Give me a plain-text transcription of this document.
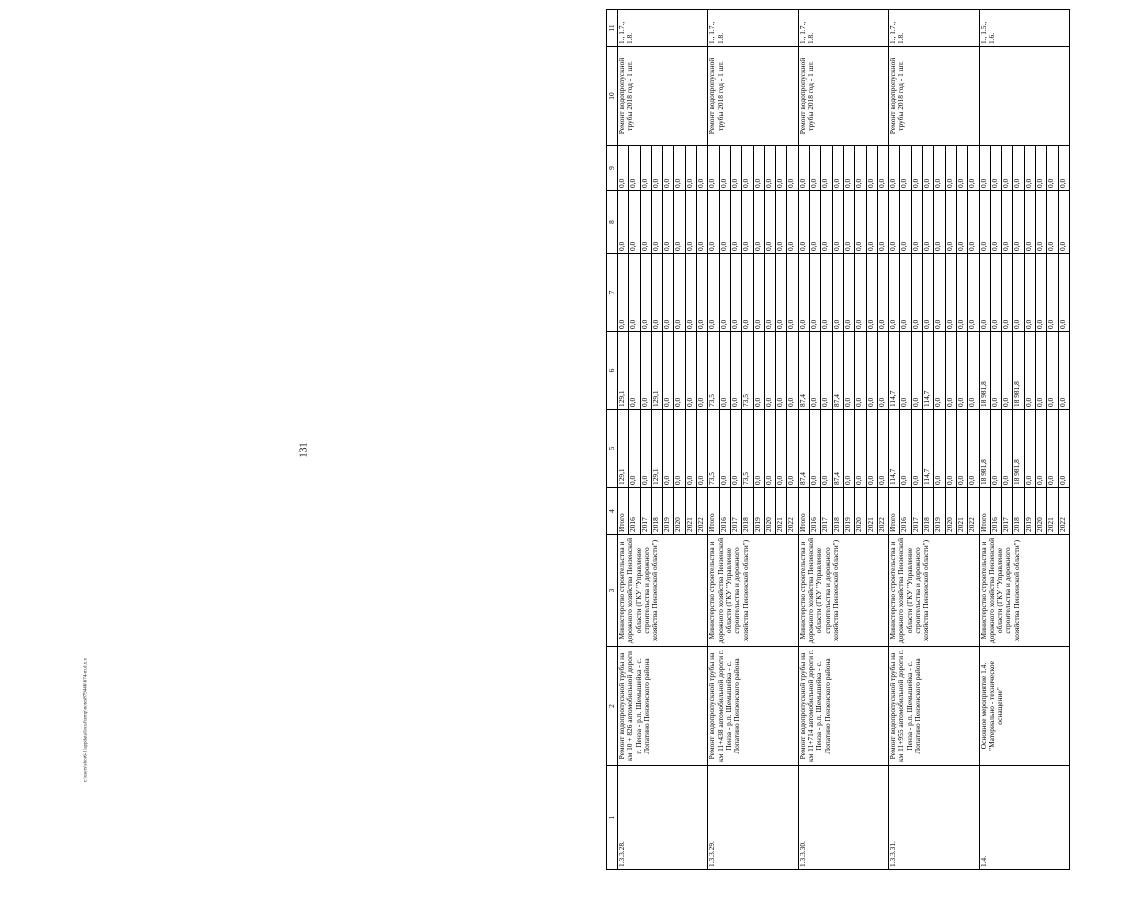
131
1	2	3	4	5	6	7	8	9	10	11
1.3.3.28.	Ремонт водопропускной трубы на км 10 + 826 автомобильной дороги г. Пенза - р.п. Шемышейка - с. Лопатино Пензенского района	Министерство строительства и дорожного хозяйства Пензенской области (ГКУ "Управление строительства и дорожного хозяйства Пензенской области")	Итого	129,1	129,1	0,0	0,0	0,0	Ремонт водопропускной трубы 2018 год - 1 шт.	1., 1.7., 1.8.
			2016	0,0	0,0	0,0	0,0	0,0		
			2017	0,0	0,0	0,0	0,0	0,0		
			2018	129,1	129,1	0,0	0,0	0,0		
			2019	0,0	0,0	0,0	0,0	0,0		
			2020	0,0	0,0	0,0	0,0	0,0		
			2021	0,0	0,0	0,0	0,0	0,0		
			2022	0,0	0,0	0,0	0,0	0,0		
1.3.3.29.	Ремонт водопропускной трубы на км 11+438 автомобильной дороги г. Пенза - р.п. Шемышейка - с. Лопатино Пензенского района	Министерство строительства и дорожного хозяйства Пензенской области (ГКУ "Управление строительства и дорожного хозяйства Пензенской области")	Итого	73,5	73,5	0,0	0,0	0,0	Ремонт водопропускной трубы 2018 год - 1 шт.	1., 1.7., 1.8.
			2016	0,0	0,0	0,0	0,0	0,0		
			2017	0,0	0,0	0,0	0,0	0,0		
			2018	73,5	73,5	0,0	0,0	0,0		
			2019	0,0	0,0	0,0	0,0	0,0		
			2020	0,0	0,0	0,0	0,0	0,0		
			2021	0,0	0,0	0,0	0,0	0,0		
			2022	0,0	0,0	0,0	0,0	0,0		
1.3.3.30.	Ремонт водопропускной трубы на км 11+714 автомобильной дороги г. Пенза - р.п. Шемышейка - с. Лопатино Пензенского района	Министерство строительства и дорожного хозяйства Пензенской области (ГКУ "Управление строительства и дорожного хозяйства Пензенской области")	Итого	87,4	87,4	0,0	0,0	0,0	Ремонт водопропускной трубы 2018 год - 1 шт.	1., 1.7., 1.8.
			2016	0,0	0,0	0,0	0,0	0,0		
			2017	0,0	0,0	0,0	0,0	0,0		
			2018	87,4	87,4	0,0	0,0	0,0		
			2019	0,0	0,0	0,0	0,0	0,0		
			2020	0,0	0,0	0,0	0,0	0,0		
			2021	0,0	0,0	0,0	0,0	0,0		
			2022	0,0	0,0	0,0	0,0	0,0		
1.3.3.31.	Ремонт водопропускной трубы на км 11+955 автомобильной дороги г. Пенза - р.п. Шемышейка - с. Лопатино Пензенского района	Министерство строительства и дорожного хозяйства Пензенской области (ГКУ "Управление строительства и дорожного хозяйства Пензенской области")	Итого	114,7	114,7	0,0	0,0	0,0	Ремонт водопропускной трубы 2018 год - 1 шт.	1., 1.7., 1.8.
			2016	0,0	0,0	0,0	0,0	0,0		
			2017	0,0	0,0	0,0	0,0	0,0		
			2018	114,7	114,7	0,0	0,0	0,0		
			2019	0,0	0,0	0,0	0,0	0,0		
			2020	0,0	0,0	0,0	0,0	0,0		
			2021	0,0	0,0	0,0	0,0	0,0		
			2022	0,0	0,0	0,0	0,0	0,0		
1.4.	Основное мероприятие 1.4. "Материально - техническое оснащение"	Министерство строительства и дорожного хозяйства Пензенской области (ГКУ "Управление строительства и дорожного хозяйства Пензенской области")	Итого	18 981,8	18 981,8	0,0	0,0	0,0		1., 1.5., 1.6.
			2016	0,0	0,0	0,0	0,0	0,0		
			2017	0,0	0,0	0,0	0,0	0,0		
			2018	18 981,8	18 981,8	0,0	0,0	0,0		
			2019	0,0	0,0	0,0	0,0	0,0		
			2020	0,0	0,0	0,0	0,0	0,0		
			2021	0,0	0,0	0,0	0,0	0,0		
			2022	0,0	0,0	0,0	0,0	0,0		
c:\users\sbor6-1\appdata\local\temp\notes879446\674-m.d.x.x
